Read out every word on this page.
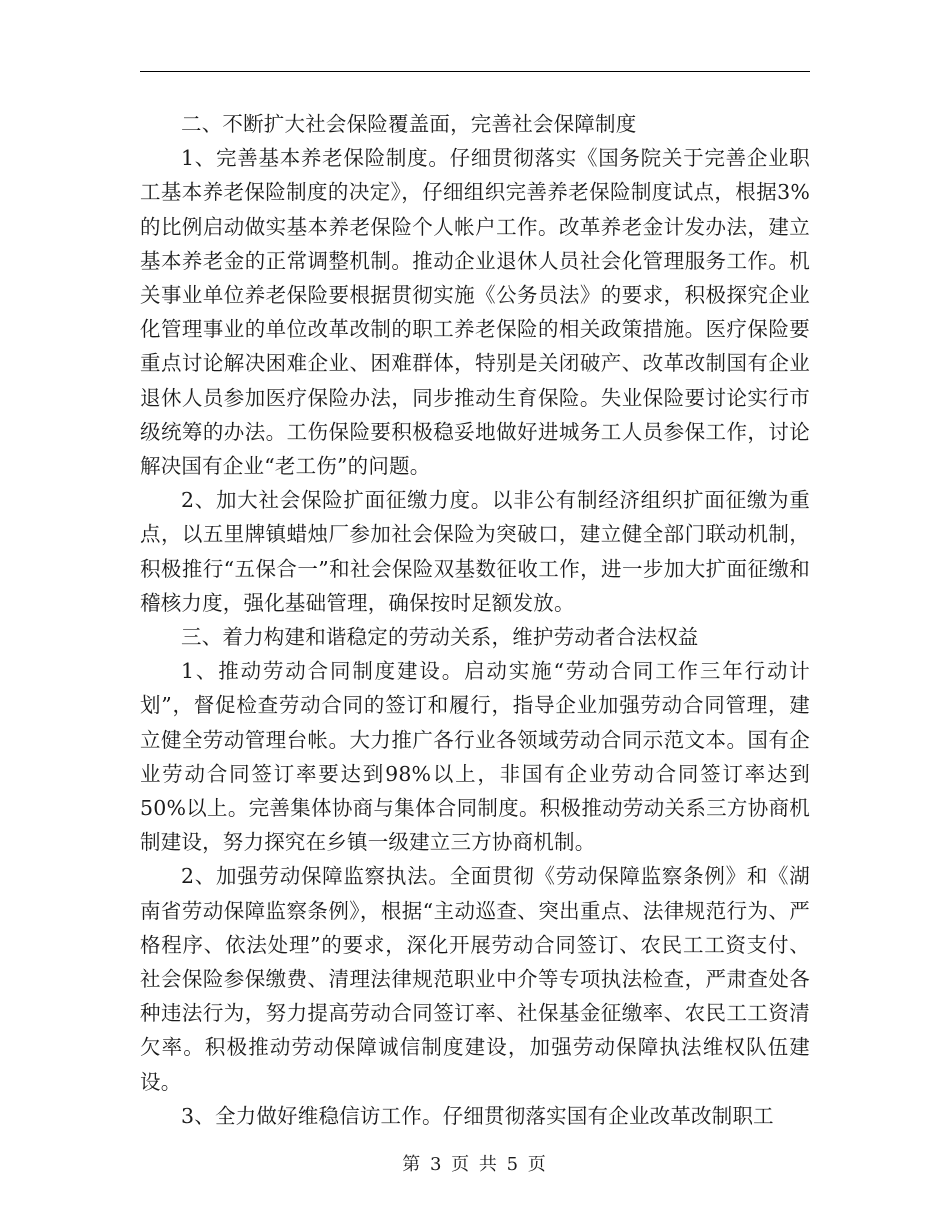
二、不断扩大社会保险覆盖面，完善社会保障制度

1、完善基本养老保险制度。仔细贯彻落实《国务院关于完善企业职工基本养老保险制度的决定》，仔细组织完善养老保险制度试点，根据3%的比例启动做实基本养老保险个人帐户工作。改革养老金计发办法，建立基本养老金的正常调整机制。推动企业退休人员社会化管理服务工作。机关事业单位养老保险要根据贯彻实施《公务员法》的要求，积极探究企业化管理事业的单位改革改制的职工养老保险的相关政策措施。医疗保险要重点讨论解决困难企业、困难群体，特别是关闭破产、改革改制国有企业退休人员参加医疗保险办法，同步推动生育保险。失业保险要讨论实行市级统筹的办法。工伤保险要积极稳妥地做好进城务工人员参保工作，讨论解决国有企业“老工伤”的问题。

2、加大社会保险扩面征缴力度。以非公有制经济组织扩面征缴为重点，以五里牌镇蜡烛厂参加社会保险为突破口，建立健全部门联动机制，积极推行“五保合一”和社会保险双基数征收工作，进一步加大扩面征缴和稽核力度，强化基础管理，确保按时足额发放。

三、着力构建和谐稳定的劳动关系，维护劳动者合法权益

1、推动劳动合同制度建设。启动实施“劳动合同工作三年行动计划”，督促检查劳动合同的签订和履行，指导企业加强劳动合同管理，建立健全劳动管理台帐。大力推广各行业各领域劳动合同示范文本。国有企业劳动合同签订率要达到98%以上，非国有企业劳动合同签订率达到50%以上。完善集体协商与集体合同制度。积极推动劳动关系三方协商机制建设，努力探究在乡镇一级建立三方协商机制。

2、加强劳动保障监察执法。全面贯彻《劳动保障监察条例》和《湖南省劳动保障监察条例》，根据“主动巡查、突出重点、法律规范行为、严格程序、依法处理”的要求，深化开展劳动合同签订、农民工工资支付、社会保险参保缴费、清理法律规范职业中介等专项执法检查，严肃查处各种违法行为，努力提高劳动合同签订率、社保基金征缴率、农民工工资清欠率。积极推动劳动保障诚信制度建设，加强劳动保障执法维权队伍建设。

3、全力做好维稳信访工作。仔细贯彻落实国有企业改革改制职工

第 3 页 共 5 页
